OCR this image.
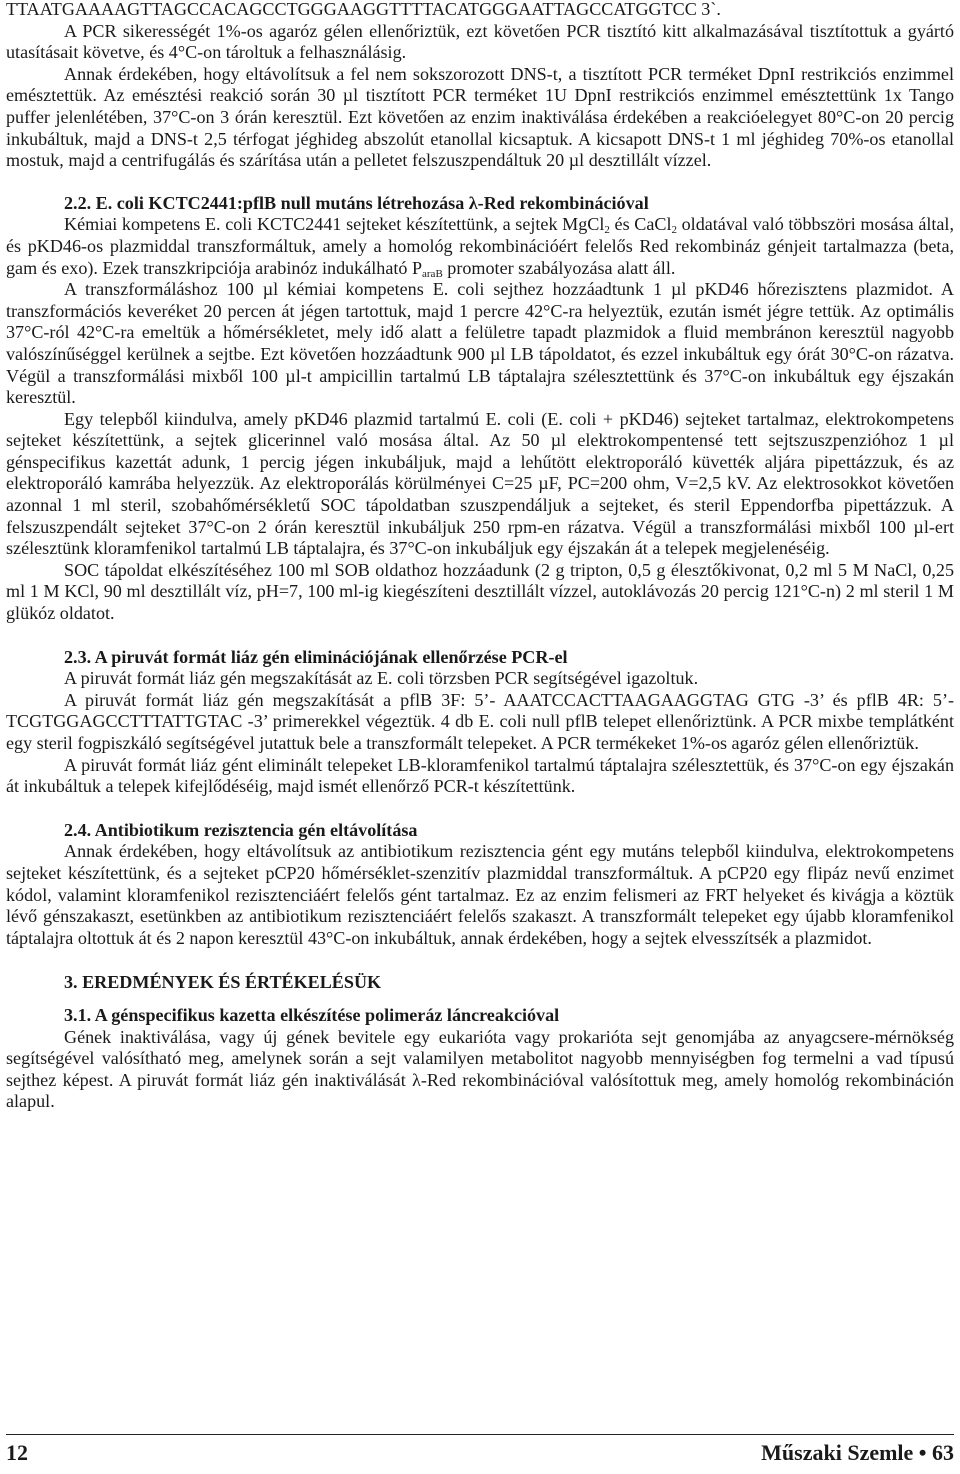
TTAATGAAAAGTTAGCCACAGCCTGGGAAGGTTTTACATGGGAATTAGCCATGGTCC 3`.

A PCR sikerességét 1%-os agaróz gélen ellenőriztük, ezt követően PCR tisztító kitt alkalmazásával tisztítottuk a gyártó utasításait követve, és 4°C-on tároltuk a felhasználásig.

Annak érdekében, hogy eltávolítsuk a fel nem sokszorozott DNS-t, a tisztított PCR terméket DpnI restrikciós enzimmel emésztettük. Az emésztési reakció során 30 µl tisztított PCR terméket 1U DpnI restrikciós enzimmel emésztettünk 1x Tango puffer jelenlétében, 37°C-on 3 órán keresztül. Ezt követően az enzim inaktiválása érdekében a reakcióelegyet 80°C-on 20 percig inkubáltuk, majd a DNS-t 2,5 térfogat jéghideg abszolút etanollal kicsaptuk. A kicsapott DNS-t 1 ml jéghideg 70%-os etanollal mostuk, majd a centrifugálás és szárítása után a pelletet felszuszpendáltuk 20 µl desztillált vízzel.

2.2. E. coli KCTC2441:pflB null mutáns létrehozása λ-Red rekombinációval

Kémiai kompetens E. coli KCTC2441 sejteket készítettünk, a sejtek MgCl$_2$ és CaCl$_2$ oldatával való többszöri mosása által, és pKD46-os plazmiddal transzformáltuk, amely a homológ rekombinációért felelős Red rekombináz génjeit tartalmazza (beta, gam és exo). Ezek transzkripciója arabinóz indukálható $P_{araB}$ promoter szabályozása alatt áll.

A transzformáláshoz 100 µl kémiai kompetens E. coli sejthez hozzáadtunk 1 µl pKD46 hőrezisztens plazmidot. A transzformációs keveréket 20 percen át jégen tartottuk, majd 1 percre 42°C-ra helyeztük, ezután ismét jégre tettük. Az optimális 37°C-ról 42°C-ra emeltük a hőmérsékletet, mely idő alatt a felületre tapadt plazmidok a fluid membránon keresztül nagyobb valószínűséggel kerülnek a sejtbe. Ezt követően hozzáadtunk 900 µl LB tápoldatot, és ezzel inkubáltuk egy órát 30°C-on rázatva. Végül a transzformálási mixből 100 µl-t ampicillin tartalmú LB táptalajra szélesztettünk és 37°C-on inkubáltuk egy éjszakán keresztül.

Egy telepből kiindulva, amely pKD46 plazmid tartalmú E. coli (E. coli + pKD46) sejteket tartalmaz, elektrokompetens sejteket készítettünk, a sejtek glicerinnel való mosása által. Az 50 µl elektrokompentensé tett sejtszuszpenzióhoz 1 µl génspecifikus kazettát adunk, 1 percig jégen inkubáljuk, majd a lehűtött elektroporáló küvették aljára pipettázzuk, és az elektroporáló kamrába helyezzük. Az elektroporálás körülményei C=25 µF, PC=200 ohm, V=2,5 kV. Az elektrosokkot követően azonnal 1 ml steril, szobahőmérsékletű SOC tápoldatban szuszpendáljuk a sejteket, és steril Eppendorfba pipettázzuk. A felszuszpendált sejteket 37°C-on 2 órán keresztül inkubáljuk 250 rpm-en rázatva. Végül a transzformálási mixből 100 µl-ert szélesztünk kloramfenikol tartalmú LB táptalajra, és 37°C-on inkubáljuk egy éjszakán át a telepek megjelenéséig.

SOC tápoldat elkészítéséhez 100 ml SOB oldathoz hozzáadunk (2 g tripton, 0,5 g élesztőkivonat, 0,2 ml 5 M NaCl, 0,25 ml 1 M KCl, 90 ml desztillált víz, pH=7, 100 ml-ig kiegészíteni desztillált vízzel, autoklávozás 20 percig 121°C-n) 2 ml steril 1 M glükóz oldatot.

2.3. A piruvát formát liáz gén eliminációjának ellenőrzése PCR-el

A piruvát formát liáz gén megszakítását az E. coli törzsben PCR segítségével igazoltuk.

A piruvát formát liáz gén megszakítását a pflB 3F: 5’- AAATCCACTTAAGAAGGTAG GTG -3’ és pflB 4R: 5’- TCGTGGAGCCTTTATTGTAC -3’ primerekkel végeztük. 4 db E. coli null pflB telepet ellenőriztünk. A PCR mixbe templátként egy steril fogpiszkáló segítségével jutattuk bele a transzformált telepeket. A PCR termékeket 1%-os agaróz gélen ellenőriztük.

A piruvát formát liáz gént eliminált telepeket LB-kloramfenikol tartalmú táptalajra szélesztettük, és 37°C-on egy éjszakán át inkubáltuk a telepek kifejlődéséig, majd ismét ellenőrző PCR-t készítettünk.

2.4. Antibiotikum rezisztencia gén eltávolítása

Annak érdekében, hogy eltávolítsuk az antibiotikum rezisztencia gént egy mutáns telepből kiindulva, elektrokompetens sejteket készítettünk, és a sejteket pCP20 hőmérséklet-szenzitív plazmiddal transzformáltuk. A pCP20 egy flipáz nevű enzimet kódol, valamint kloramfenikol rezisztenciáért felelős gént tartalmaz. Ez az enzim felismeri az FRT helyeket és kivágja a köztük lévő génszakaszt, esetünkben az antibiotikum rezisztenciáért felelős szakaszt. A transzformált telepeket egy újabb kloramfenikol táptalajra oltottuk át és 2 napon keresztül 43°C-on inkubáltuk, annak érdekében, hogy a sejtek elvesszítsék a plazmidot.

3. EREDMÉNYEK ÉS ÉRTÉKELÉSÜK
3.1. A génspecifikus kazetta elkészítése polimeráz láncreakcióval

Gének inaktiválása, vagy új gének bevitele egy eukarióta vagy prokarióta sejt genomjába az anyagcsere-mérnökség segítségével valósítható meg, amelynek során a sejt valamilyen metabolitot nagyobb mennyiségben fog termelni a vad típusú sejthez képest. A piruvát formát liáz gén inaktiválását λ-Red rekombinációval valósítottuk meg, amely homológ rekombináción alapul.

12	Műszaki Szemle • 63
